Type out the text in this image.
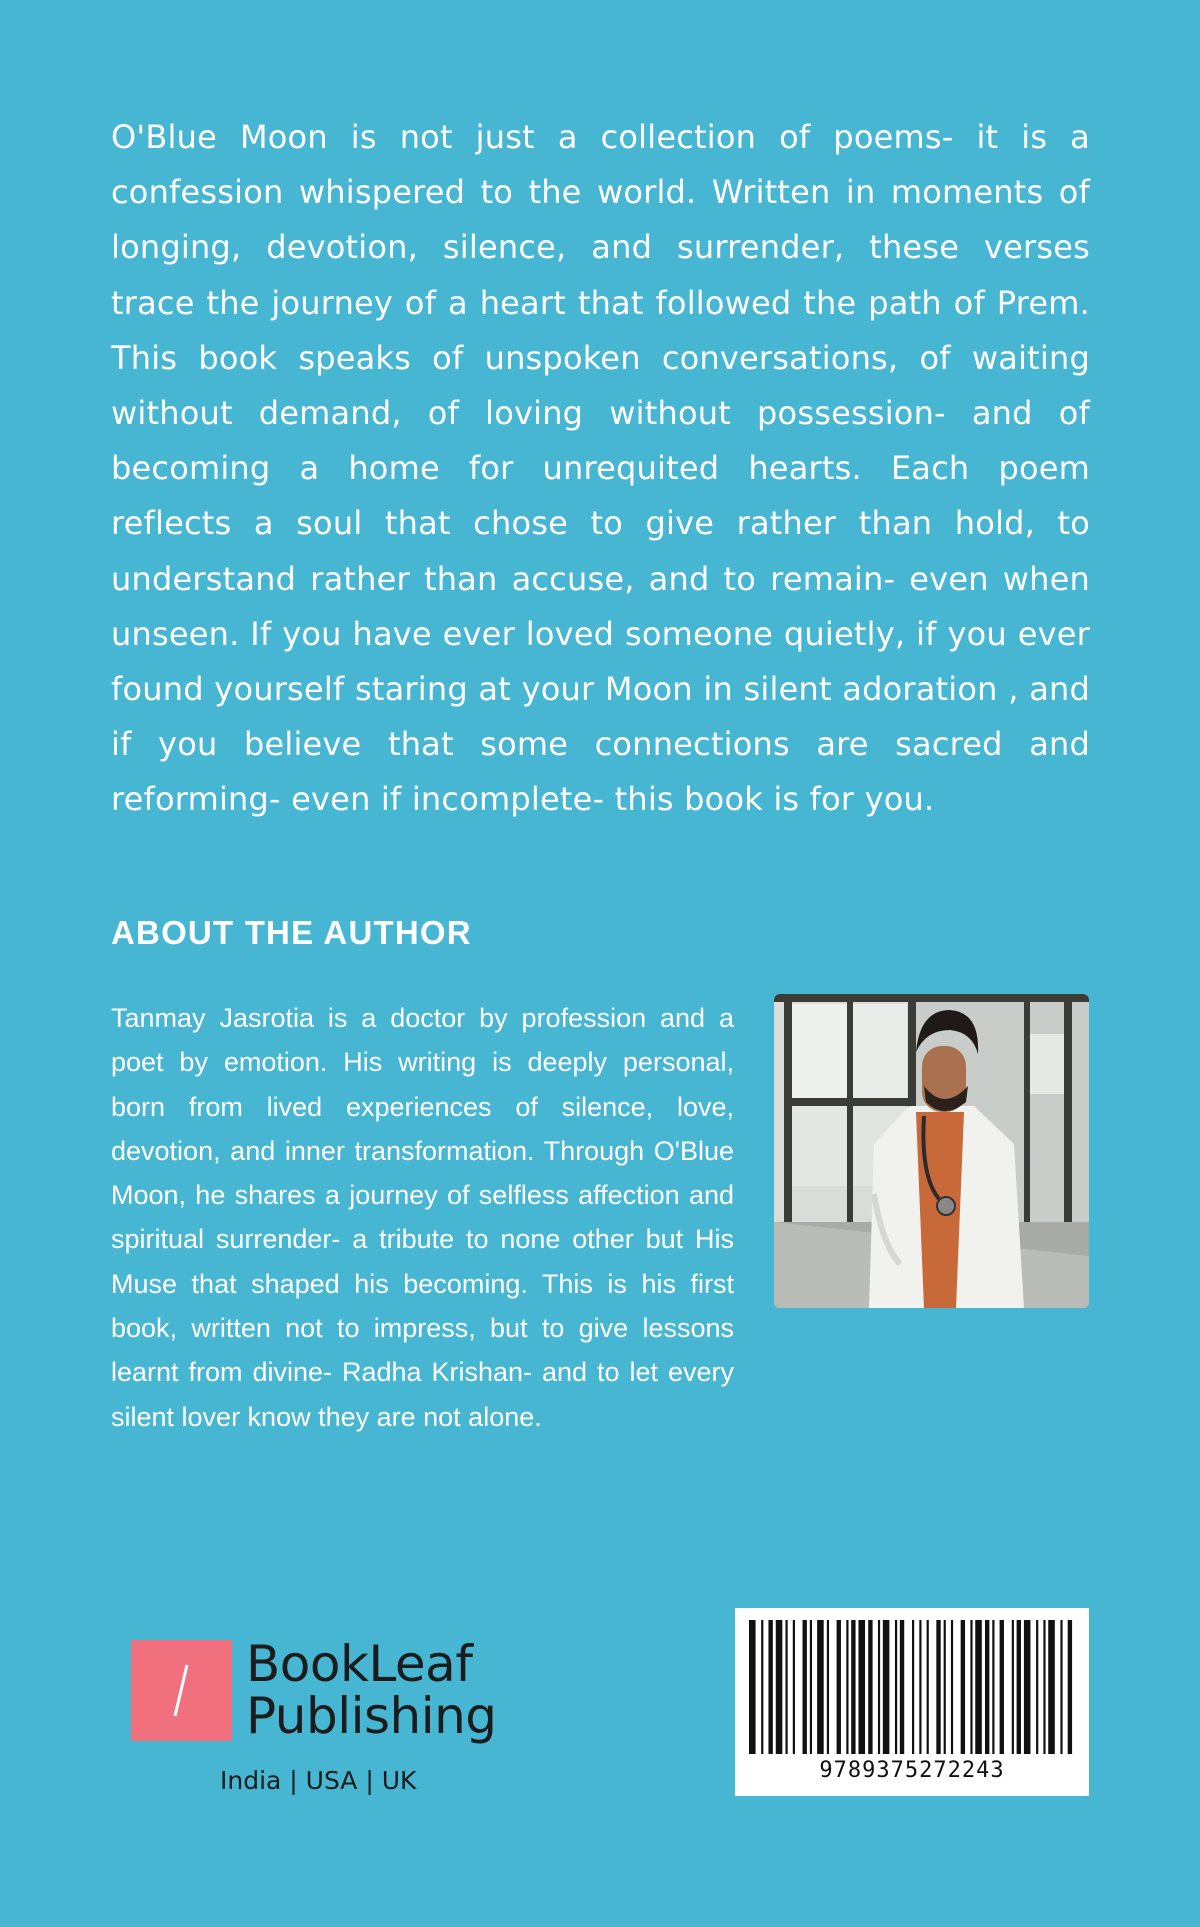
O'Blue Moon is not just a collection of poems- it is a confession whispered to the world. Written in moments of longing, devotion, silence, and surrender, these verses trace the journey of a heart that followed the path of Prem. This book speaks of unspoken conversations, of waiting without demand, of loving without possession- and of becoming a home for unrequited hearts. Each poem reflects a soul that chose to give rather than hold, to understand rather than accuse, and to remain- even when unseen. If you have ever loved someone quietly, if you ever found yourself staring at your Moon in silent adoration , and if you believe that some connections are sacred and reforming- even if incomplete- this book is for you.

ABOUT THE AUTHOR

Tanmay Jasrotia is a doctor by profession and a poet by emotion. His writing is deeply personal, born from lived experiences of silence, love, devotion, and inner transformation. Through O'Blue Moon, he shares a journey of selfless affection and spiritual surrender- a tribute to none other but His Muse that shaped his becoming. This is his first book, written not to impress, but to give lessons learnt from divine- Radha Krishan- and to let every silent lover know they are not alone.

BookLeaf
Publishing
India | USA | UK	9789375272243
